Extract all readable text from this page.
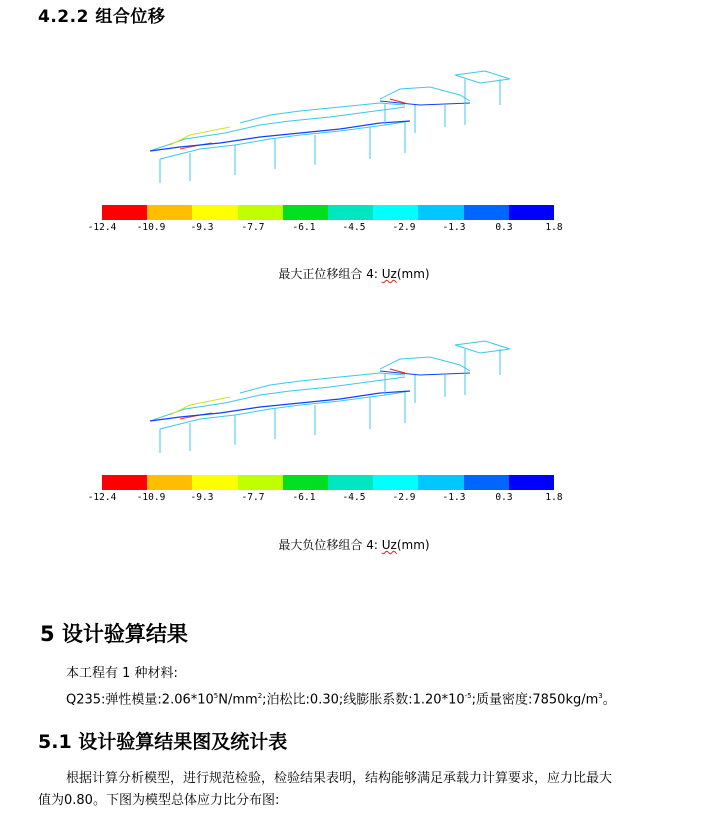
4.2.2 组合位移
-12.4 -10.9	-9.3	-7.7	-6.1	-4.5	-2.9	-1.3	0.3	1.8
最大正位移组合 4: Uz(mm)
-12.4 -10.9	-9.3	-7.7	-6.1	-4.5	-2.9	-1.3	0.3	1.8
最大负位移组合 4: Uz(mm)
5 设计验算结果
本工程有 1 种材料:
Q235:弹性模量$:2.06*10^5N/mm^2$;泊松比:0.30;线膨胀系数$:1.20*10^{-5}$;质量密度$:7850kg/m^3$。
5.1 设计验算结果图及统计表
根据计算分析模型，进行规范检验，检验结果表明，结构能够满足承载力计算要求，应力比最大值为0.80。下图为模型总体应力比分布图:
